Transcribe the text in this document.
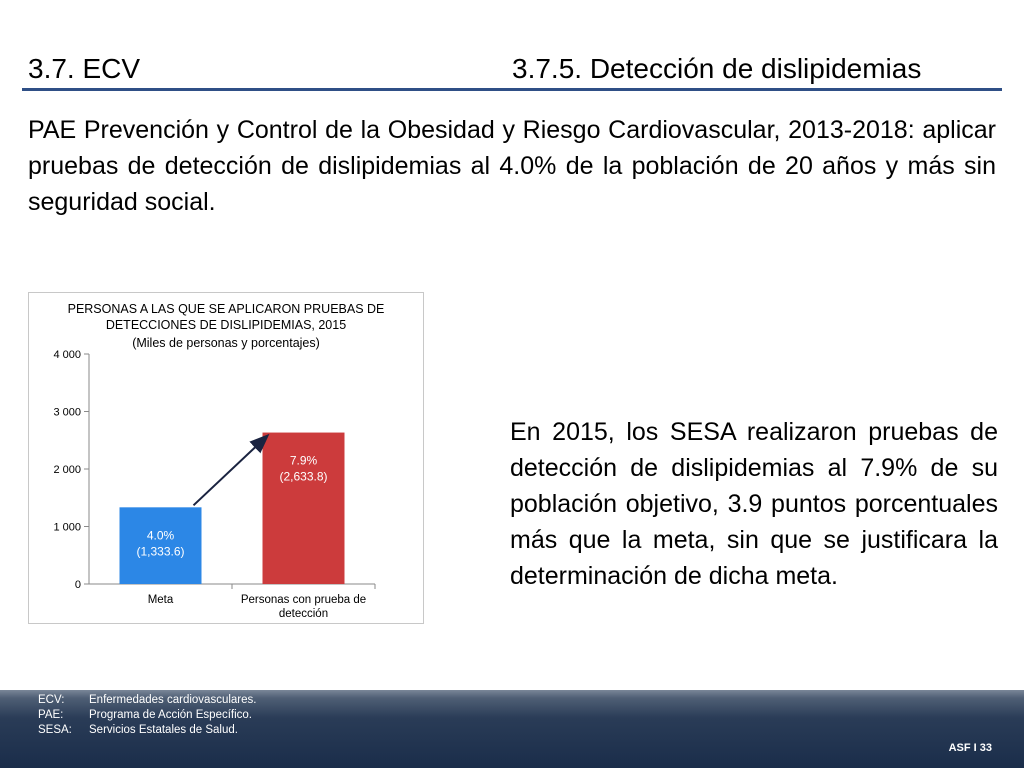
3.7. ECV	3.7.5. Detección de dislipidemias
PAE Prevención y Control de la Obesidad y Riesgo Cardiovascular, 2013-2018: aplicar pruebas de detección de dislipidemias al 4.0% de la población de 20 años y más sin seguridad social.
PERSONAS A LAS QUE SE APLICARON PRUEBAS DE DETECCIONES DE DISLIPIDEMIAS, 2015
(Miles de personas y porcentajes)
0
1 000
2 000
3 000
4 000
4.0%
(1,333.6)
7.9%
(2,633.8)
Meta	Personas con prueba de
detección
En 2015, los SESA realizaron pruebas de detección de dislipidemias al 7.9% de su población objetivo, 3.9 puntos porcentuales más que la meta, sin que se justificara la determinación de dicha meta.
ECV:	Enfermedades cardiovasculares.
PAE:	Programa de Acción Específico.
SESA:	Servicios Estatales de Salud.
ASF I 33
